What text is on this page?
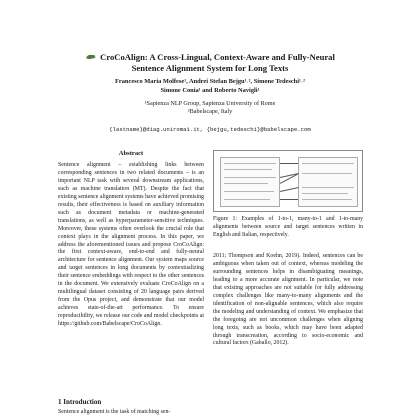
CroCoAlign: A Cross-Lingual, Context-Aware and Fully-Neural
Sentence Alignment System for Long Texts
Francesco Maria Molfese¹, Andrei Stefan Bejgu¹˒², Simone Tedeschi¹˒²
Simone Conia¹ and Roberto Navigli¹
¹Sapienza NLP Group, Sapienza University of Rome
²Babelscape, Italy
{lastname}@diag.uniroma1.it, {bejgu,tedeschi}@babelscape.com
Abstract
Sentence alignment – establishing links between corresponding sentences in two related documents – is an important NLP task with several downstream applications, such as machine translation (MT). Despite the fact that existing sentence alignment systems have achieved promising results, their effectiveness is based on auxiliary information such as document metadata or machine-generated translations, as well as hyperparameter-sensitive techniques. Moreover, these systems often overlook the crucial role that context plays in the alignment process. In this paper, we address the aforementioned issues and propose CroCoAlign: the first context-aware, end-to-end and fully-neural architecture for sentence alignment. Our system maps source and target sentences in long documents by contextualizing their sentence embeddings with respect to the other sentences in the document. We extensively evaluate CroCoAlign on a multilingual dataset consisting of 20 language pairs derived from the Opus project, and demonstrate that our model achieves state-of-the-art performance. To ensure reproducibility, we release our code and model checkpoints at https://github.com/Babelscape/CroCoAlign.
Figure 1: Examples of 1-to-1, many-to-1 and 1-to-many alignments between source and target sentences written in English and Italian, respectively.
2011; Thompson and Koehn, 2019). Indeed, sentences can be ambiguous when taken out of context, whereas modeling the surrounding sentences helps in disambiguating meanings, leading to a more accurate alignment. In particular, we note that existing approaches are not suitable for fully addressing complex challenges like many-to-many alignments and the identification of non-alignable sentences, which also require the modeling and understanding of context. We emphasize that the foregoing are not uncommon challenges when aligning long texts, such as books, which may have been adapted through transcreation, according to socio-economic and cultural factors (Gaballo, 2012).
1 Introduction
Sentence alignment is the task of matching sen-
